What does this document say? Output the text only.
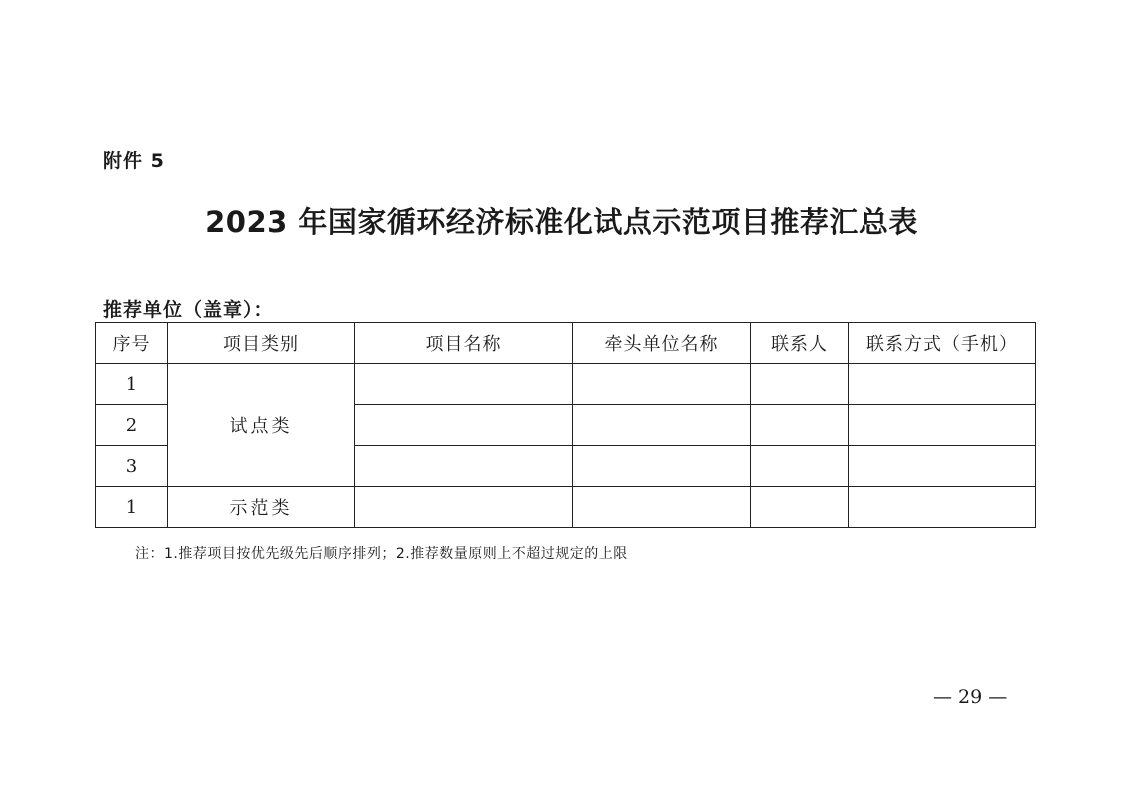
附件 5
2023 年国家循环经济标准化试点示范项目推荐汇总表
推荐单位（盖章）：
序号	项目类别	项目名称	牵头单位名称	联系人	联系方式（手机）
1	试点类				
2					
3					
1	示范类				
注：1.推荐项目按优先级先后顺序排列；2.推荐数量原则上不超过规定的上限
— 29 —
